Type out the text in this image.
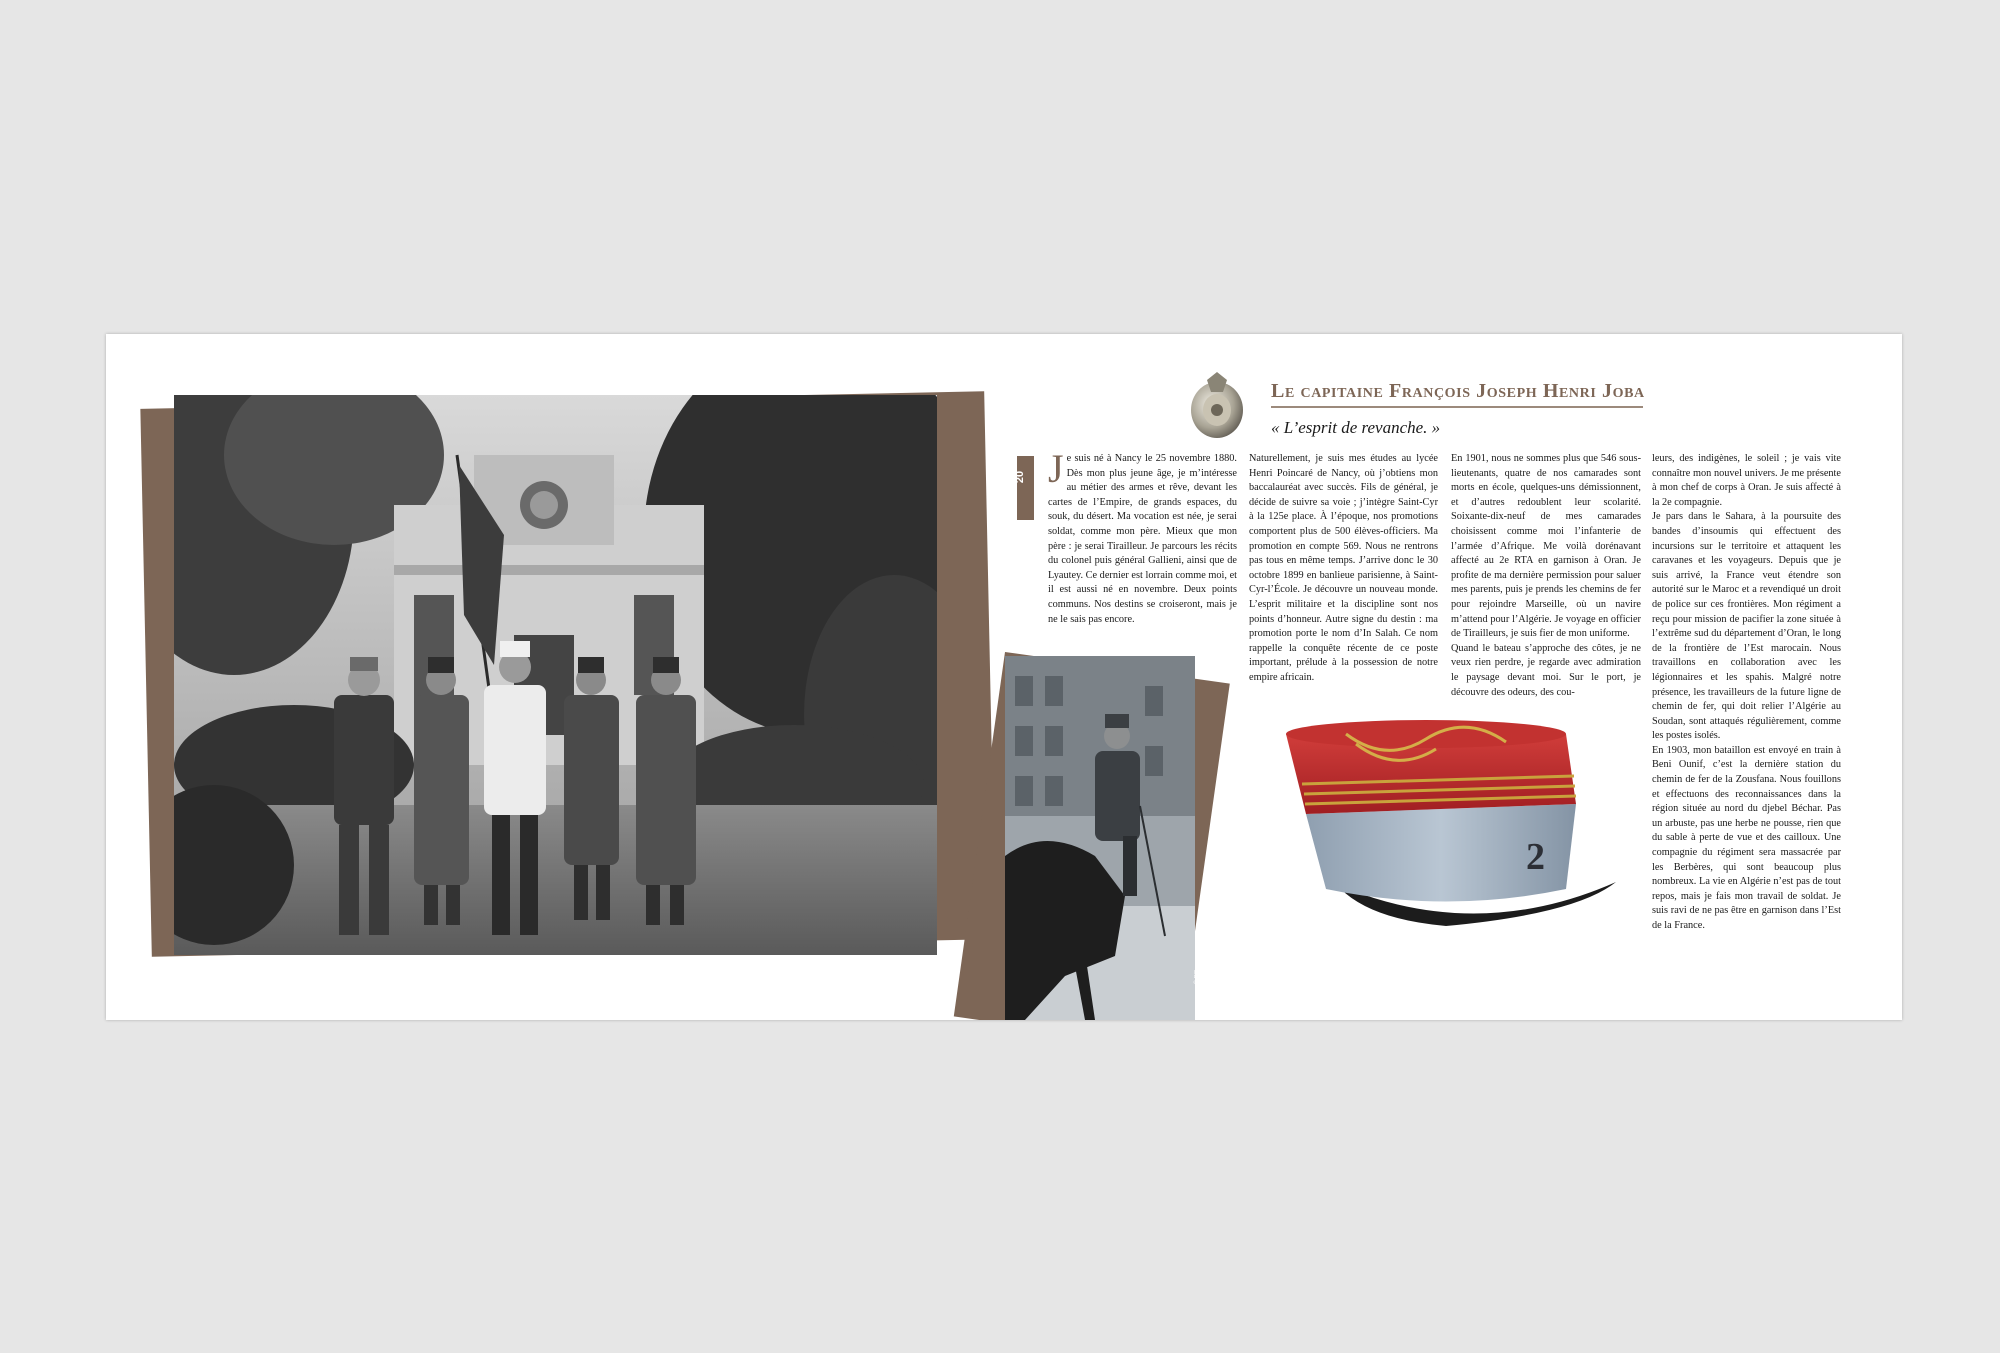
© DR
Le capitaine François Joseph Henri Joba
« L’esprit de revanche. »
20 J e suis né à Nancy le 25 novembre 1880. Dès mon plus jeune âge, je m’intéresse au métier des armes et rêve, devant les cartes de l’Empire, de grands espaces, du souk, du désert. Ma vocation est née, je serai soldat, comme mon père. Mieux que mon père : je serai Tirailleur. Je parcours les récits du colonel puis général Gallieni, ainsi que de Lyautey. Ce dernier est lorrain comme moi, et il est aussi né en novembre. Deux points communs. Nos destins se croiseront, mais je ne le sais pas encore.

Naturellement, je suis mes études au lycée Henri Poincaré de Nancy, où j’obtiens mon baccalauréat avec succès. Fils de général, je décide de suivre sa voie ; j’intègre Saint-Cyr à la 125e place. À l’époque, nos promotions comportent plus de 500 élèves-officiers. Ma promotion en compte 569. Nous ne rentrons pas tous en même temps. J’arrive donc le 30 octobre 1899 en banlieue parisienne, à Saint-Cyr-l’École. Je découvre un nouveau monde. L’esprit militaire et la discipline sont nos points d’honneur. Autre signe du destin : ma promotion porte le nom d’In Salah. Ce nom rappelle la conquête récente de ce poste important, prélude à la possession de notre empire africain.

En 1901, nous ne sommes plus que 546 sous-lieutenants, quatre de nos camarades sont morts en école, quelques-uns démissionnent, et d’autres redoublent leur scolarité. Soixante-dix-neuf de mes camarades choisissent comme moi l’infanterie de l’armée d’Afrique. Me voilà dorénavant affecté au 2e RTA en garnison à Oran. Je profite de ma dernière permission pour saluer mes parents, puis je prends les chemins de fer pour rejoindre Marseille, où un navire m’attend pour l’Algérie. Je voyage en officier de Tirailleurs, je suis fier de mon uniforme.

Quand le bateau s’approche des côtes, je ne veux rien perdre, je regarde avec admiration le paysage devant moi. Sur le port, je découvre des odeurs, des cou-

leurs, des indigènes, le soleil ; je vais vite connaître mon nouvel univers. Je me présente à mon chef de corps à Oran. Je suis affecté à la 2e compagnie.

Je pars dans le Sahara, à la poursuite des bandes d’insoumis qui effectuent des incursions sur le territoire et attaquent les caravanes et les voyageurs. Depuis que je suis arrivé, la France veut étendre son autorité sur le Maroc et a revendiqué un droit de police sur ces frontières. Mon régiment a reçu pour mission de pacifier la zone située à l’extrême sud du département d’Oran, le long de la frontière de l’Est marocain. Nous travaillons en collaboration avec les légionnaires et les spahis. Malgré notre présence, les travailleurs de la future ligne de chemin de fer, qui doit relier l’Algérie au Soudan, sont attaqués régulièrement, comme les postes isolés.

En 1903, mon bataillon est envoyé en train à Beni Ounif, c’est la dernière station du chemin de fer de la Zousfana. Nous fouillons et effectuons des reconnaissances dans la région située au nord du djebel Béchar. Pas un arbuste, pas une herbe ne pousse, rien que du sable à perte de vue et des cailloux. Une compagnie du régiment sera massacrée par les Berbères, qui sont beaucoup plus nombreux. La vie en Algérie n’est pas de tout repos, mais je fais mon travail de soldat. Je suis ravi de ne pas être en garnison dans l’Est de la France.

2
